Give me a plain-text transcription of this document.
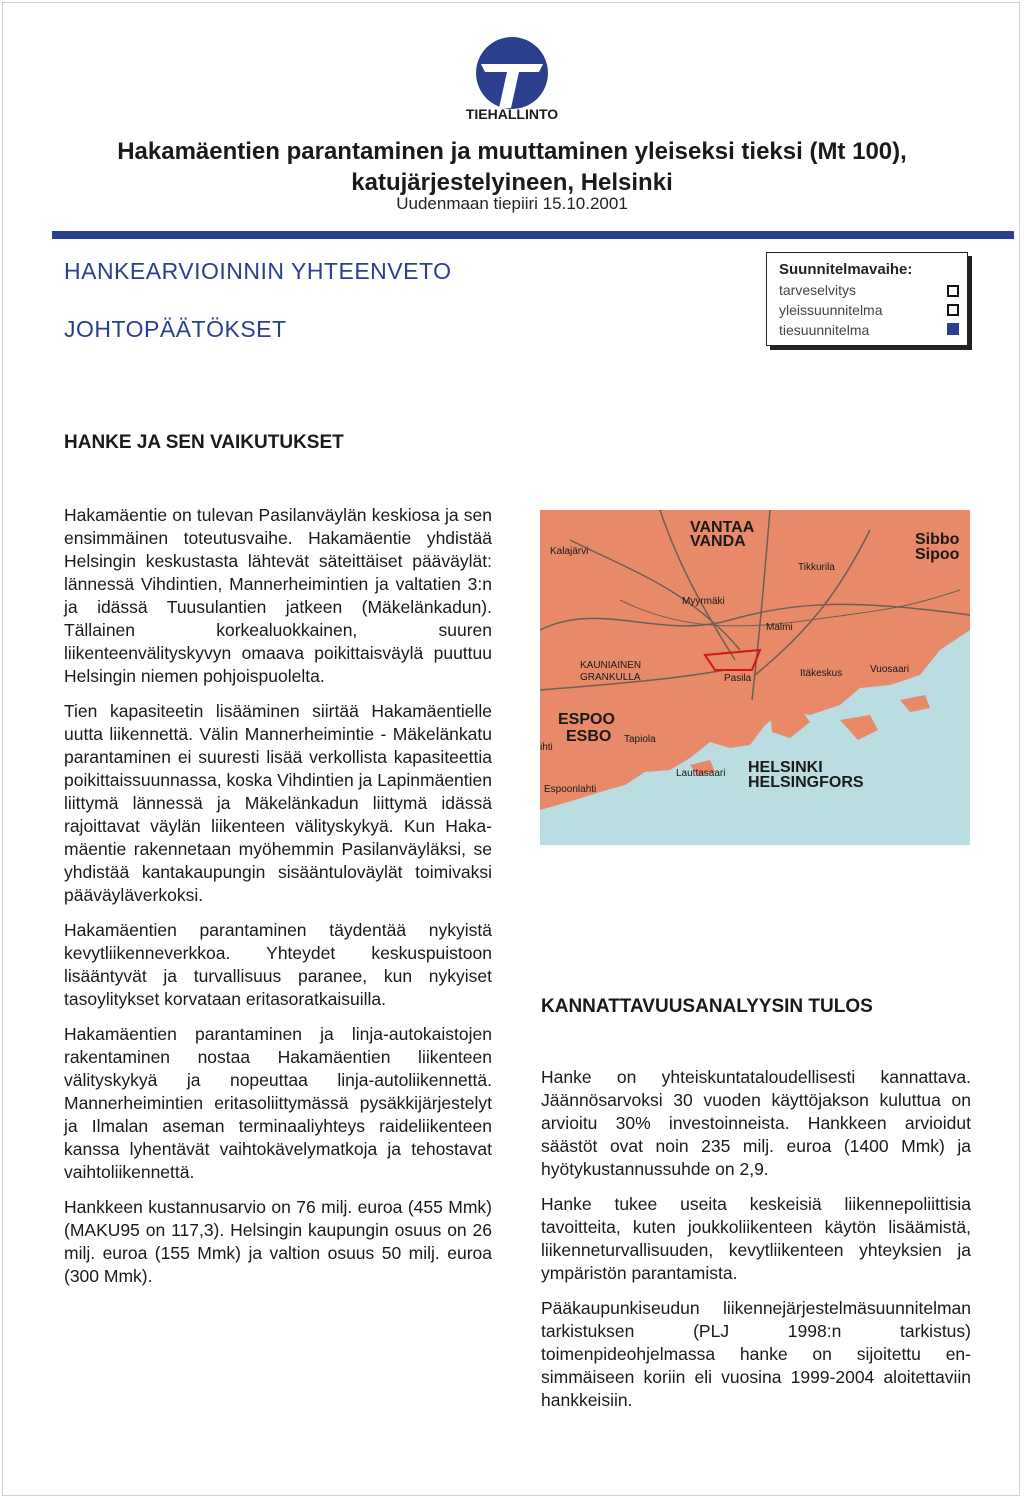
TIEHALLINTO
Hakamäentien parantaminen ja muuttaminen yleiseksi tieksi (Mt 100),
katujärjestelyineen, Helsinki
Uudenmaan tiepiiri 15.10.2001
HANKEARVIOINNIN YHTEENVETO
JOHTOPÄÄTÖKSET
Suunnitelmavaihe:
tarveselvitys
yleissuunnitelma
tiesuunnitelma
HANKE JA SEN VAIKUTUKSET

Hakamäentie on tulevan Pasilanväylän keskiosa ja sen ensimmäinen toteutusvaihe. Hakamäentie yhdistää Helsingin keskustasta lähtevät säteittäiset pääväylät: lännessä Vihdintien, Mannerheimintien ja valtatien 3:n ja idässä Tuusulantien jatkeen (Mäkelänkadun). Tällainen korkealuokkainen, suuren liikenteenvälityskyvyn omaava poikittaisväylä puuttuu Helsingin niemen pohjoispuolelta.

Tien kapasiteetin lisääminen siirtää Hakamäentielle uutta liikennettä. Välin Mannerheimintie - Mäkelänkatu parantaminen ei suuresti lisää verkollista kapasiteettia poikittaissuunnassa, koska Vihdintien ja Lapinmäentien liittymä lännessä ja Mäkelänkadun liittymä idässä rajoittavat väylän liikenteen välityskykyä. Kun Hakamäentie rakennetaan myöhemmin Pasilanväyläksi, se yhdistää kantakaupungin sisääntuloväylät toimivaksi pääväyläverkoksi.

Hakamäentien parantaminen täydentää nykyistä kevytliikenneverkkoa. Yhteydet keskuspuistoon lisääntyvät ja turvallisuus paranee, kun nykyiset tasoylitykset korvataan eritasoratkaisuilla.

Hakamäentien parantaminen ja linja-autokaistojen rakentaminen nostaa Hakamäentien liikenteen välityskykyä ja nopeuttaa linja-autoliikennettä. Mannerheimintien eritasoliittymässä pysäkkijärjestelyt ja Ilmalan aseman terminaaliyhteys raideliikenteen kanssa lyhentävät vaihtokävelymatkoja ja tehostavat vaihtoliikennettä.

Hankkeen kustannusarvio on 76 milj. euroa (455 Mmk) (MAKU95 on 117,3). Helsingin kaupungin osuus on 26 milj. euroa (155 Mmk) ja valtion osuus 50 milj. euroa (300 Mmk).

VANTAA
VANDA	Sibbo
Sipoo
Kalajärvi
Tikkurila
Myyrmäki
Malmi
KAUNIAINEN
GRANKULLA	Itäkeskus	Vuosaari
Pasila
ESPOO
ESBO Tapiola
ihti
Lauttasaari HELSINKI
HELSINGFORS
Espoonlahti
KANNATTAVUUSANALYYSIN TULOS

Hanke on yhteiskuntataloudellisesti kannattava. Jäännösarvoksi 30 vuoden käyttöjakson kuluttua on arvioitu 30% investoinneista. Hankkeen arvioidut säästöt ovat noin 235 milj. euroa (1400 Mmk) ja hyötykustannussuhde on 2,9.

Hanke tukee useita keskeisiä liikennepoliittisia tavoitteita, kuten joukkoliikenteen käytön lisäämistä, liikenneturvallisuuden, kevytliikenteen yhteyksien ja ympäristön parantamista.

Pääkaupunkiseudun liikennejärjestelmäsuunnitelman tarkistuksen (PLJ 1998:n tarkistus) toimenpideohjelmassa hanke on sijoitettu ensimmäiseen koriin eli vuosina 1999-2004 aloitettaviin hankkeisiin.
